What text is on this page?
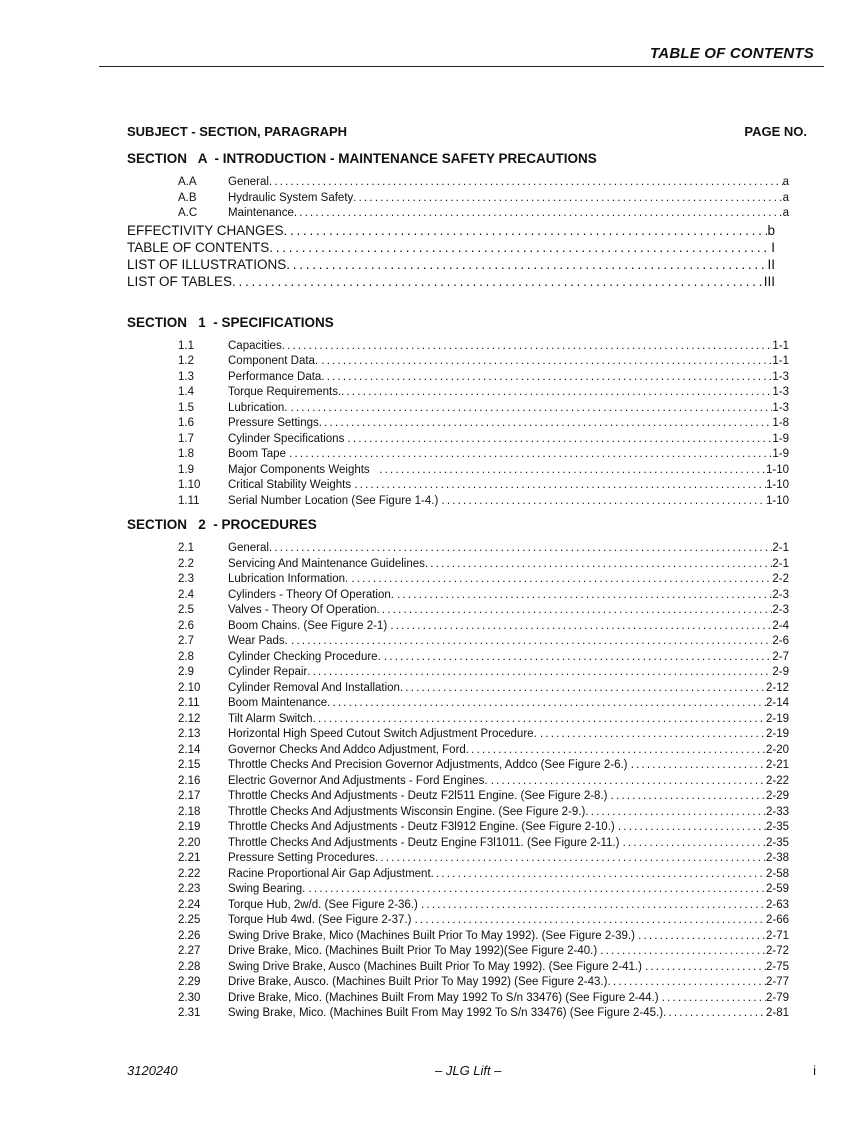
TABLE OF CONTENTS
SUBJECT - SECTION, PARAGRAPH	PAGE NO.
SECTION   A  - INTRODUCTION - MAINTENANCE SAFETY PRECAUTIONS
A.A	General . . .	a
A.B	Hydraulic System Safety . . .	a
A.C	Maintenance . . .	a
EFFECTIVITY CHANGES . . .	b
TABLE OF CONTENTS . . .	I
LIST OF ILLUSTRATIONS . . .	II
LIST OF TABLES . . .	III
SECTION   1  - SPECIFICATIONS
1.1	Capacities . . .	1-1
1.2	Component Data. . . .	1-1
1.3	Performance Data . . .	1-3
1.4	Torque Requirements. . . .	1-3
1.5	Lubrication. . . .	1-3
1.6	Pressure Settings . . .	1-8
1.7	Cylinder Specifications . . .	1-9
1.8	Boom Tape . . .	1-9
1.9	Major Components Weights . . .	1-10
1.10	Critical Stability Weights . . .	1-10
1.11	Serial Number Location (See Figure 1-4.) . . .	1-10
SECTION   2  - PROCEDURES
2.1	General . . .	2-1
2.2	Servicing And Maintenance Guidelines . . .	2-1
2.3	Lubrication Information. . . .	2-2
2.4	Cylinders - Theory Of Operation. . . .	2-3
2.5	Valves - Theory Of Operation . . .	2-3
2.6	Boom Chains. (See Figure 2-1) . . .	2-4
2.7	Wear Pads. . . .	2-6
2.8	Cylinder Checking Procedure. . . .	2-7
2.9	Cylinder Repair . . .	2-9
2.10	Cylinder Removal And Installation . . .	2-12
2.11	Boom Maintenance . . .	2-14
2.12	Tilt Alarm Switch . . .	2-19
2.13	Horizontal High Speed Cutout Switch Adjustment Procedure. . . .	2-19
2.14	Governor Checks And Addco Adjustment, Ford . . .	2-20
2.15	Throttle Checks And Precision Governor Adjustments, Addco (See Figure 2-6.) . . .	2-21
2.16	Electric Governor And Adjustments - Ford Engines. . . .	2-22
2.17	Throttle Checks And Adjustments - Deutz F2l511 Engine. (See Figure 2-8.) . . .	2-29
2.18	Throttle Checks And Adjustments Wisconsin Engine. (See Figure 2-9.) . . .	2-33
2.19	Throttle Checks And Adjustments - Deutz F3l912 Engine. (See Figure 2-10.) . . .	2-35
2.20	Throttle Checks And Adjustments - Deutz Engine F3l1011. (See Figure 2-11.) . . .	2-35
2.21	Pressure Setting Procedures . . .	2-38
2.22	Racine Proportional Air Gap Adjustment . . .	2-58
2.23	Swing Bearing. . . .	2-59
2.24	Torque Hub, 2w/d. (See Figure 2-36.) . . .	2-63
2.25	Torque Hub 4wd. (See Figure 2-37.) . . .	2-66
2.26	Swing Drive Brake, Mico (Machines Built Prior To May 1992). (See Figure 2-39.) . . .	2-71
2.27	Drive Brake, Mico. (Machines Built Prior To May 1992)(See Figure 2-40.) . . .	2-72
2.28	Swing Drive Brake, Ausco (Machines Built Prior To May 1992). (See Figure 2-41.) . . .	2-75
2.29	Drive Brake, Ausco. (Machines Built Prior To May 1992) (See Figure 2-43.) . . .	2-77
2.30	Drive Brake, Mico. (Machines Built From May 1992 To S/n 33476) (See Figure 2-44.) . . .	2-79
2.31	Swing Brake, Mico. (Machines Built From May 1992 To S/n 33476) (See Figure 2-45.) . . .	2-81
3120240	– JLG Lift –	i
